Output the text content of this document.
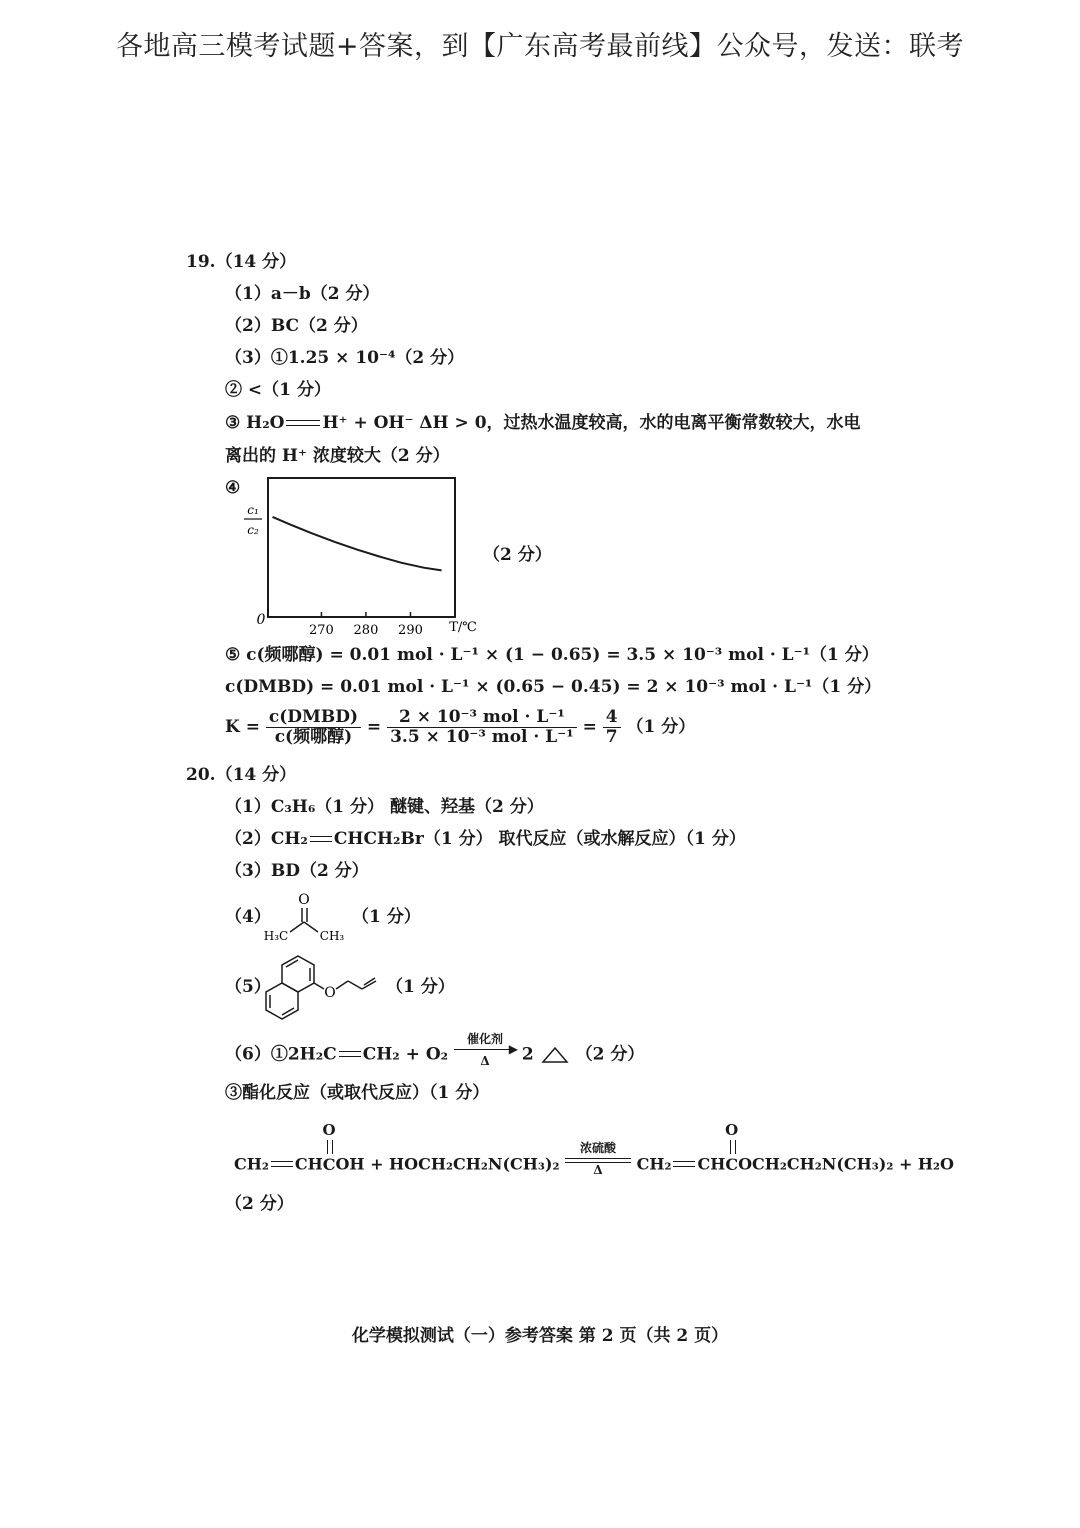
各地高三模考试题+答案，到【广东高考最前线】公众号，发送：联考
19.（14 分）
（1）a－b（2 分）
（2）BC（2 分）
（3）①1.25 × 10⁻⁴（2 分）
② <（1 分）
③ H₂O H⁺ + OH⁻ ΔH > 0，过热水温度较高，水的电离平衡常数较大，水电
离出的 H⁺ 浓度较大（2 分）
④
c₁
c₂
0
270 280 290 T/℃
（2 分）
⑤ c(频哪醇) = 0.01 mol · L⁻¹ × (1 − 0.65) = 3.5 × 10⁻³ mol · L⁻¹（1 分）
c(DMBD) = 0.01 mol · L⁻¹ × (0.65 − 0.45) = 2 × 10⁻³ mol · L⁻¹（1 分）
$K = \frac{\text{c(DMBD)}}{\text{c(频哪醇)}} = \frac{\text{2 × 10⁻³ mol · L⁻¹}}{\text{3.5 × 10⁻³ mol · L⁻¹}} = \frac{4}{7} (1$ 分）
20.（14 分）
（1）C₃H₆（1 分） 醚键、羟基（2 分）
（2）CH₂ CHCH₂Br（1 分） 取代反应（或水解反应）（1 分）
（3）BD（2 分）
（4）
O
H₃C	CH₃
（1 分）
（5）	O	（1 分）
（6）①2H₂C CH₂ + O₂
催化剂
▶
Δ	2 （2 分）
③酯化反应（或取代反应）（1 分）
CH₂ CH
O
COH + HOCH₂CH₂N(CH₃)₂
浓硫酸
Δ	CH₂ CH
O
COCH₂CH₂N(CH₃)₂ + H₂O
（2 分）
化学模拟测试（一）参考答案 第 2 页（共 2 页）
